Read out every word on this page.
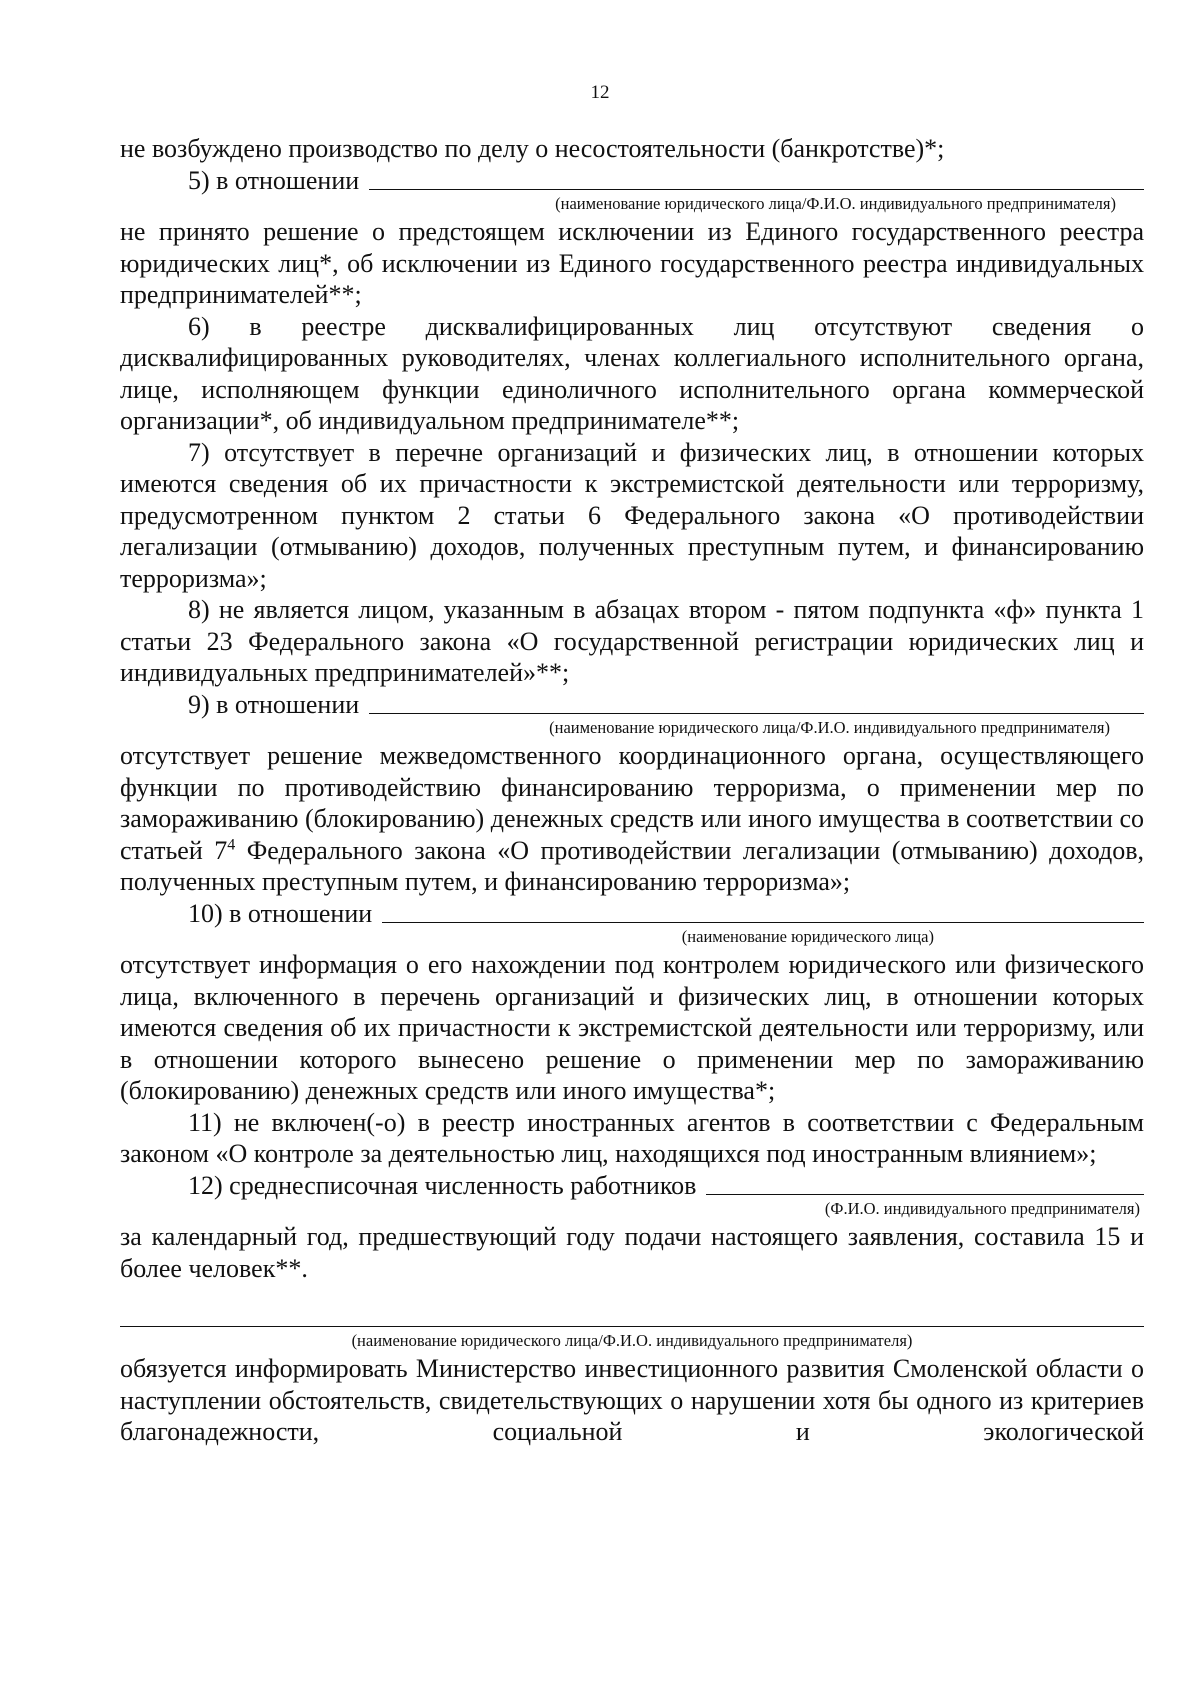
12

не возбуждено производство по делу о несостоятельности (банкротстве)*;

5) в отношении
(наименование юридического лица/Ф.И.О. индивидуального предпринимателя)

не принято решение о предстоящем исключении из Единого государственного реестра юридических лиц*, об исключении из Единого государственного реестра индивидуальных предпринимателей**;

6) в реестре дисквалифицированных лиц отсутствуют сведения о дисквалифицированных руководителях, членах коллегиального исполнительного органа, лице, исполняющем функции единоличного исполнительного органа коммерческой организации*, об индивидуальном предпринимателе**;

7) отсутствует в перечне организаций и физических лиц, в отношении которых имеются сведения об их причастности к экстремистской деятельности или терроризму, предусмотренном пунктом 2 статьи 6 Федерального закона «О противодействии легализации (отмыванию) доходов, полученных преступным путем, и финансированию терроризма»;

8) не является лицом, указанным в абзацах втором - пятом подпункта «ф» пункта 1 статьи 23 Федерального закона «О государственной регистрации юридических лиц и индивидуальных предпринимателей»**;

9) в отношении
(наименование юридического лица/Ф.И.О. индивидуального предпринимателя)

отсутствует решение межведомственного координационного органа, осуществляющего функции по противодействию финансированию терроризма, о применении мер по замораживанию (блокированию) денежных средств или иного имущества в соответствии со статьей $7^4$ Федерального закона «О противодействии легализации (отмыванию) доходов, полученных преступным путем, и финансированию терроризма»;

10) в отношении
(наименование юридического лица)

отсутствует информация о его нахождении под контролем юридического или физического лица, включенного в перечень организаций и физических лиц, в отношении которых имеются сведения об их причастности к экстремистской деятельности или терроризму, или в отношении которого вынесено решение о применении мер по замораживанию (блокированию) денежных средств или иного имущества*;

11) не включен(-о) в реестр иностранных агентов в соответствии с Федеральным законом «О контроле за деятельностью лиц, находящихся под иностранным влиянием»;

12) среднесписочная численность работников
(Ф.И.О. индивидуального предпринимателя)

за календарный год, предшествующий году подачи настоящего заявления, составила 15 и более человек**.

(наименование юридического лица/Ф.И.О. индивидуального предпринимателя)

обязуется информировать Министерство инвестиционного развития Смоленской области о наступлении обстоятельств, свидетельствующих о нарушении хотя бы одного из критериев благонадежности, социальной и экологической
